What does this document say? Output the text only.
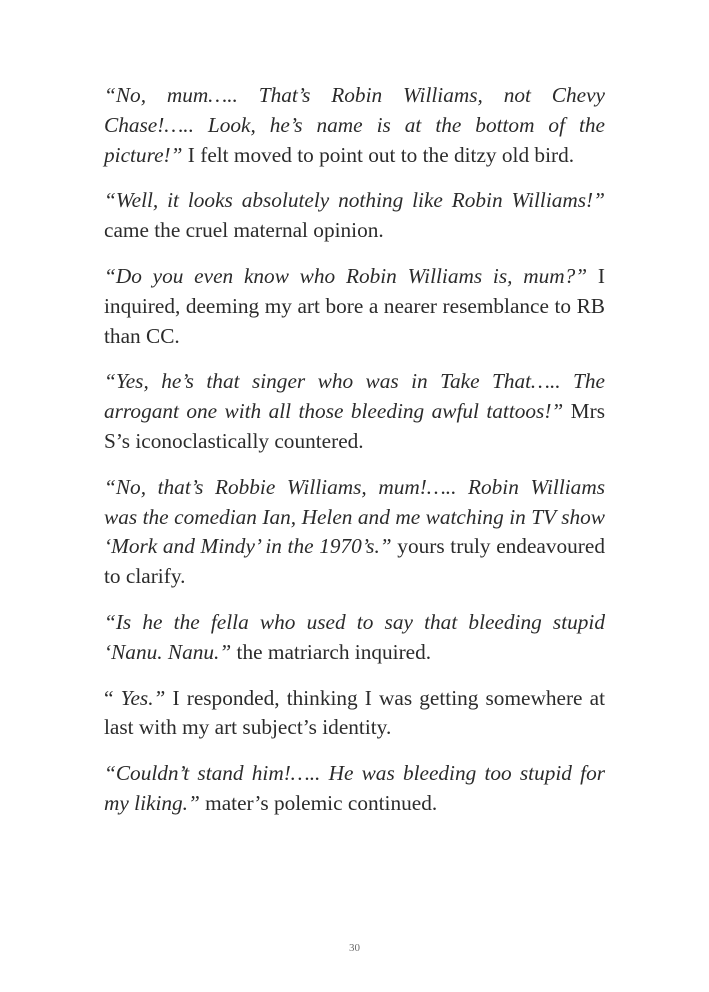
“No, mum….. That’s Robin Williams, not Chevy Chase!….. Look, he’s name is at the bottom of the picture!” I felt moved to point out to the ditzy old bird.

“Well, it looks absolutely nothing like Robin Williams!” came the cruel maternal opinion.

“Do you even know who Robin Williams is, mum?” I inquired, deeming my art bore a nearer resemblance to RB than CC.

“Yes, he’s that singer who was in Take That….. The arrogant one with all those bleeding awful tattoos!” Mrs S’s iconoclastically countered.

“No, that’s Robbie Williams, mum!….. Robin Williams was the comedian Ian, Helen and me watching in TV show ‘Mork and Mindy’ in the 1970’s.” yours truly endeavoured to clarify.

“Is he the fella who used to say that bleeding stupid ‘Nanu. Nanu.” the matriarch inquired.

“ Yes.” I responded, thinking I was getting somewhere at last with my art subject’s identity.

“Couldn’t stand him!….. He was bleeding too stupid for my liking.” mater’s polemic continued.

30
